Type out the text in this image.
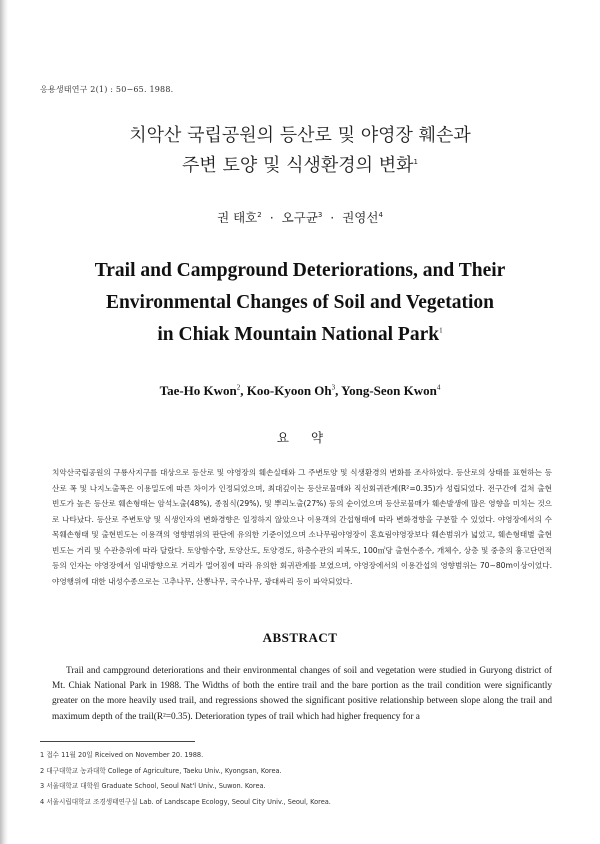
응용생태연구 2(1) : 50−65. 1988.
치악산 국립공원의 등산로 및 야영장 훼손과
주변 토양 및 식생환경의 변화$^1$
권 태호$^2$ · 오구균$^3$ · 권영선$^4$
Trail and Campground Deteriorations, and Their
Environmental Changes of Soil and Vegetation
in Chiak Mountain National Park$^1$
Tae-Ho Kwon$^2$, Koo-Kyoon Oh$^3$, Yong-Seon Kwon$^4$
요약

치악산국립공원의 구룡사지구를 대상으로 등산로 및 야영장의 훼손실태와 그 주변토양 및 식생환경의 변화를 조사하였다. 등산로의 상태를 표현하는 등산로 폭 및 나지노출폭은 이용밀도에 따른 차이가 인정되었으며, 최대깊이는 등산로물매와 직선회귀관계(R²=0.35)가 성립되었다. 전구간에 걸쳐 출현빈도가 높은 등산로 훼손형태는 암석노출(48%), 종침식(29%), 및 뿌리노출(27%) 등의 순이었으며 등산로물매가 훼손발생에 많은 영향을 미치는 것으로 나타났다. 등산로 주변토양 및 식생인자의 변화경향은 일정하지 않았으나 이용객의 간섭형태에 따라 변화경향을 구분할 수 있었다. 야영장에서의 수목훼손형태 및 출현빈도는 이용객의 영향범위의 판단에 유의한 기준이었으며 소나무림야영장이 혼효림야영장보다 훼손범위가 넓었고, 훼손형태별 출현빈도는 거리 및 수관층위에 따라 달랐다. 토양함수량, 토양산도, 토양경도, 하층수관의 피복도, 100㎡당 출현수종수, 개체수, 상층 및 중층의 흉고단면적 등의 인자는 야영장에서 임내방향으로 거리가 멀어짐에 따라 유의한 회귀관계를 보였으며, 야영장에서의 이용간섭의 영향범위는 70∼80m이상이었다. 야영행위에 대한 내성수종으로는 고추나무, 산뽕나무, 국수나무, 광대싸리 등이 파악되었다.

ABSTRACT

Trail and campground deteriorations and their environmental changes of soil and vegetation were studied in Guryong district of Mt. Chiak National Park in 1988. The Widths of both the entire trail and the bare portion as the trail condition were significantly greater on the more heavily used trail, and regressions showed the significant positive relationship between slope along the trail and maximum depth of the trail(R²=0.35). Deterioration types of trail which had higher frequency for a

1 접수 11월 20일 Riceived on November 20. 1988.
2 대구대학교 농과대학 College of Agriculture, Taeku Univ., Kyongsan, Korea.
3 서울대학교 대학원 Graduate School, Seoul Nat'l Univ., Suwon. Korea.
4 서울시립대학교 조경생태연구실 Lab. of Landscape Ecology, Seoul City Univ., Seoul, Korea.
